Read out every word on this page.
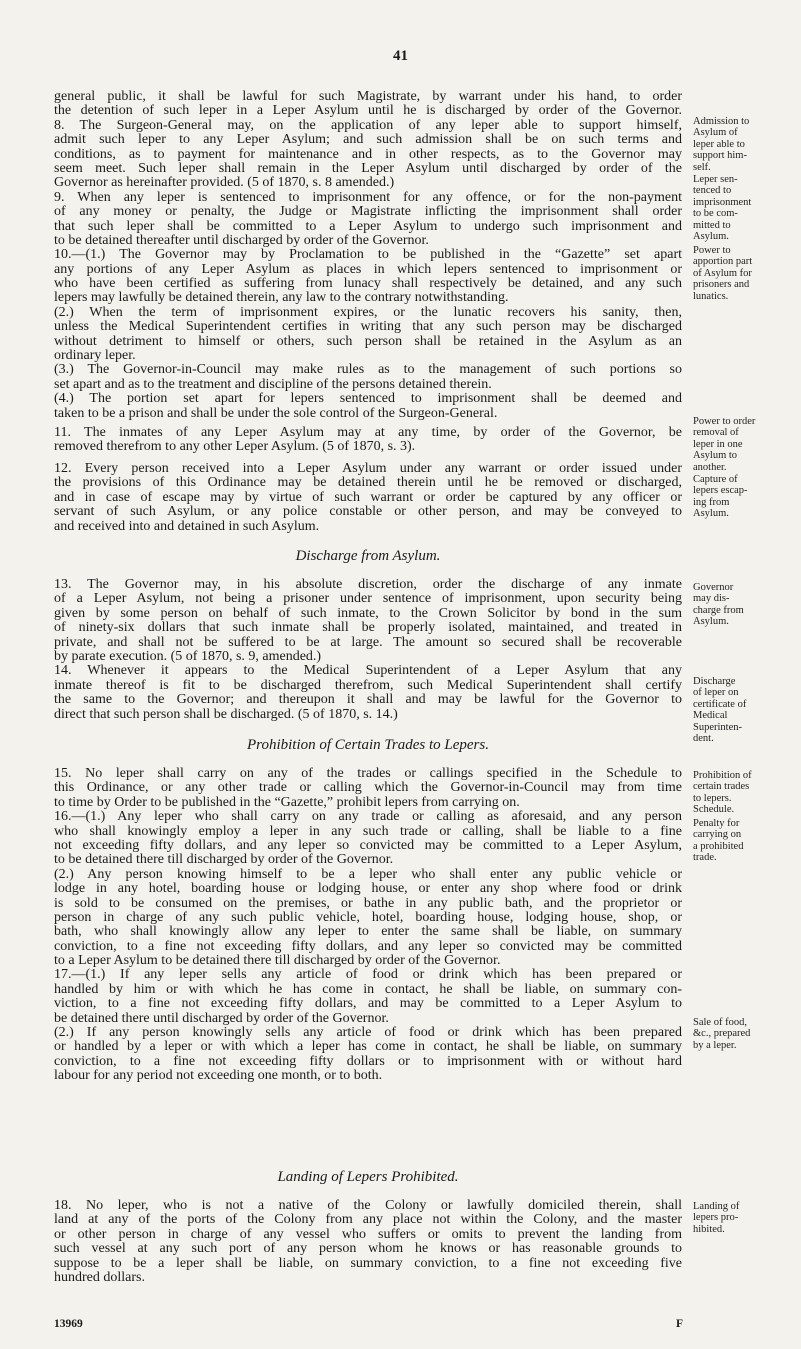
41
general public, it shall be lawful for such Magistrate, by warrant under his hand, to order
the detention of such leper in a Leper Asylum until he is discharged by order of the Governor.
8. The Surgeon-General may, on the application of any leper able to support himself,
admit such leper to any Leper Asylum; and such admission shall be on such terms and
conditions, as to payment for maintenance and in other respects, as to the Governor may
seem meet. Such leper shall remain in the Leper Asylum until discharged by order of the
Governor as hereinafter provided. (5 of 1870, s. 8 amended.)
9. When any leper is sentenced to imprisonment for any offence, or for the non-payment
of any money or penalty, the Judge or Magistrate inflicting the imprisonment shall order
that such leper shall be committed to a Leper Asylum to undergo such imprisonment and
to be detained thereafter until discharged by order of the Governor.
10.—(1.) The Governor may by Proclamation to be published in the “Gazette” set apart
any portions of any Leper Asylum as places in which lepers sentenced to imprisonment or
who have been certified as suffering from lunacy shall respectively be detained, and any such
lepers may lawfully be detained therein, any law to the contrary notwithstanding.
(2.) When the term of imprisonment expires, or the lunatic recovers his sanity, then,
unless the Medical Superintendent certifies in writing that any such person may be discharged
without detriment to himself or others, such person shall be retained in the Asylum as an
ordinary leper.
(3.) The Governor-in-Council may make rules as to the management of such portions so
set apart and as to the treatment and discipline of the persons detained therein.
(4.) The portion set apart for lepers sentenced to imprisonment shall be deemed and
taken to be a prison and shall be under the sole control of the Surgeon-General.
11. The inmates of any Leper Asylum may at any time, by order of the Governor, be
removed therefrom to any other Leper Asylum. (5 of 1870, s. 3).
12. Every person received into a Leper Asylum under any warrant or order issued under
the provisions of this Ordinance may be detained therein until he be removed or discharged,
and in case of escape may by virtue of such warrant or order be captured by any officer or
servant of such Asylum, or any police constable or other person, and may be conveyed to
and received into and detained in such Asylum.
13. The Governor may, in his absolute discretion, order the discharge of any inmate
of a Leper Asylum, not being a prisoner under sentence of imprisonment, upon security being
given by some person on behalf of such inmate, to the Crown Solicitor by bond in the sum
of ninety-six dollars that such inmate shall be properly isolated, maintained, and treated in
private, and shall not be suffered to be at large. The amount so secured shall be recoverable
by parate execution. (5 of 1870, s. 9, amended.)
14. Whenever it appears to the Medical Superintendent of a Leper Asylum that any
inmate thereof is fit to be discharged therefrom, such Medical Superintendent shall certify
the same to the Governor; and thereupon it shall and may be lawful for the Governor to
direct that such person shall be discharged. (5 of 1870, s. 14.)
15. No leper shall carry on any of the trades or callings specified in the Schedule to
this Ordinance, or any other trade or calling which the Governor-in-Council may from time
to time by Order to be published in the “Gazette,” prohibit lepers from carrying on.
16.—(1.) Any leper who shall carry on any trade or calling as aforesaid, and any person
who shall knowingly employ a leper in any such trade or calling, shall be liable to a fine
not exceeding fifty dollars, and any leper so convicted may be committed to a Leper Asylum,
to be detained there till discharged by order of the Governor.
(2.) Any person knowing himself to be a leper who shall enter any public vehicle or
lodge in any hotel, boarding house or lodging house, or enter any shop where food or drink
is sold to be consumed on the premises, or bathe in any public bath, and the proprietor or
person in charge of any such public vehicle, hotel, boarding house, lodging house, shop, or
bath, who shall knowingly allow any leper to enter the same shall be liable, on summary
conviction, to a fine not exceeding fifty dollars, and any leper so convicted may be committed
to a Leper Asylum to be detained there till discharged by order of the Governor.
17.—(1.) If any leper sells any article of food or drink which has been prepared or
handled by him or with which he has come in contact, he shall be liable, on summary con-
viction, to a fine not exceeding fifty dollars, and may be committed to a Leper Asylum to
be detained there until discharged by order of the Governor.
(2.) If any person knowingly sells any article of food or drink which has been prepared
or handled by a leper or with which a leper has come in contact, he shall be liable, on summary
conviction, to a fine not exceeding fifty dollars or to imprisonment with or without hard
labour for any period not exceeding one month, or to both.
18. No leper, who is not a native of the Colony or lawfully domiciled therein, shall
land at any of the ports of the Colony from any place not within the Colony, and the master
or other person in charge of any vessel who suffers or omits to prevent the landing from
such vessel at any such port of any person whom he knows or has reasonable grounds to
suppose to be a leper shall be liable, on summary conviction, to a fine not exceeding five
hundred dollars.
Discharge from Asylum.
Prohibition of Certain Trades to Lepers.
Landing of Lepers Prohibited.
Admission to
Asylum of
leper able to
support him-
self.
Leper sen-
tenced to
imprisonment
to be com-
mitted to
Asylum.
Power to
apportion part
of Asylum for
prisoners and
lunatics.
Power to order
removal of
leper in one
Asylum to
another.
Capture of
lepers escap-
ing from
Asylum.
Governor
may dis-
charge from
Asylum.
Discharge
of leper on
certificate of
Medical
Superinten-
dent.
Prohibition of
certain trades
to lepers.
Schedule.
Penalty for
carrying on
a prohibited
trade.
Sale of food,
&c., prepared
by a leper.
Landing of
lepers pro-
hibited.
13969	F
